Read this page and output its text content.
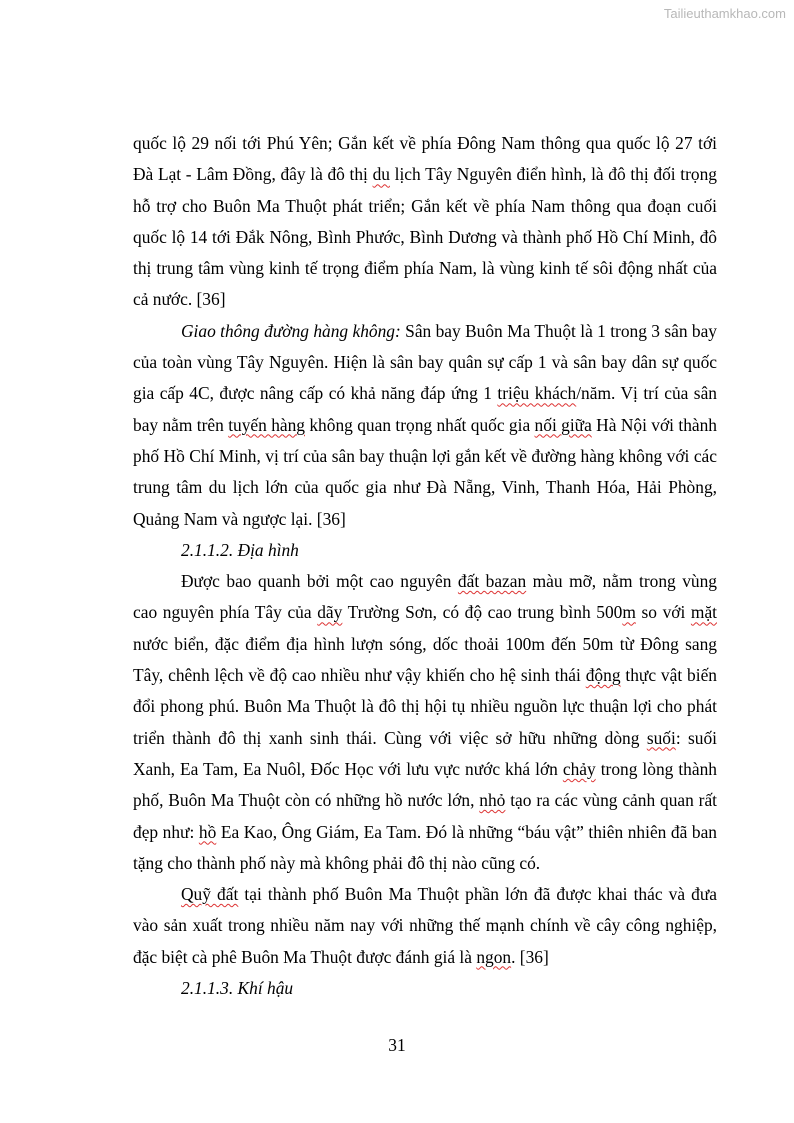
Tailieuthamkhao.com

quốc lộ 29 nối tới Phú Yên; Gắn kết về phía Đông Nam thông qua quốc lộ 27 tới Đà Lạt - Lâm Đồng, đây là đô thị du lịch Tây Nguyên điển hình, là đô thị đối trọng hỗ trợ cho Buôn Ma Thuột phát triển; Gắn kết về phía Nam thông qua đoạn cuối quốc lộ 14 tới Đắk Nông, Bình Phước, Bình Dương và thành phố Hồ Chí Minh, đô thị trung tâm vùng kinh tế trọng điểm phía Nam, là vùng kinh tế sôi động nhất của cả nước. [36]

Giao thông đường hàng không: Sân bay Buôn Ma Thuột là 1 trong 3 sân bay của toàn vùng Tây Nguyên. Hiện là sân bay quân sự cấp 1 và sân bay dân sự quốc gia cấp 4C, được nâng cấp có khả năng đáp ứng 1 triệu khách/năm. Vị trí của sân bay nằm trên tuyến hàng không quan trọng nhất quốc gia nối giữa Hà Nội với thành phố Hồ Chí Minh, vị trí của sân bay thuận lợi gắn kết về đường hàng không với các trung tâm du lịch lớn của quốc gia như Đà Nẵng, Vinh, Thanh Hóa, Hải Phòng, Quảng Nam và ngược lại. [36]

2.1.1.2. Địa hình

Được bao quanh bởi một cao nguyên đất bazan màu mỡ, nằm trong vùng cao nguyên phía Tây của dãy Trường Sơn, có độ cao trung bình 500m so với mặt nước biển, đặc điểm địa hình lượn sóng, dốc thoải 100m đến 50m từ Đông sang Tây, chênh lệch về độ cao nhiều như vậy khiến cho hệ sinh thái động thực vật biến đổi phong phú. Buôn Ma Thuột là đô thị hội tụ nhiều nguồn lực thuận lợi cho phát triển thành đô thị xanh sinh thái. Cùng với việc sở hữu những dòng suối: suối Xanh, Ea Tam, Ea Nuôl, Đốc Học với lưu vực nước khá lớn chảy trong lòng thành phố, Buôn Ma Thuột còn có những hồ nước lớn, nhỏ tạo ra các vùng cảnh quan rất đẹp như: hồ Ea Kao, Ông Giám, Ea Tam. Đó là những “báu vật” thiên nhiên đã ban tặng cho thành phố này mà không phải đô thị nào cũng có.

Quỹ đất tại thành phố Buôn Ma Thuột phần lớn đã được khai thác và đưa vào sản xuất trong nhiều năm nay với những thế mạnh chính về cây công nghiệp, đặc biệt cà phê Buôn Ma Thuột được đánh giá là ngon. [36]

2.1.1.3. Khí hậu
31
